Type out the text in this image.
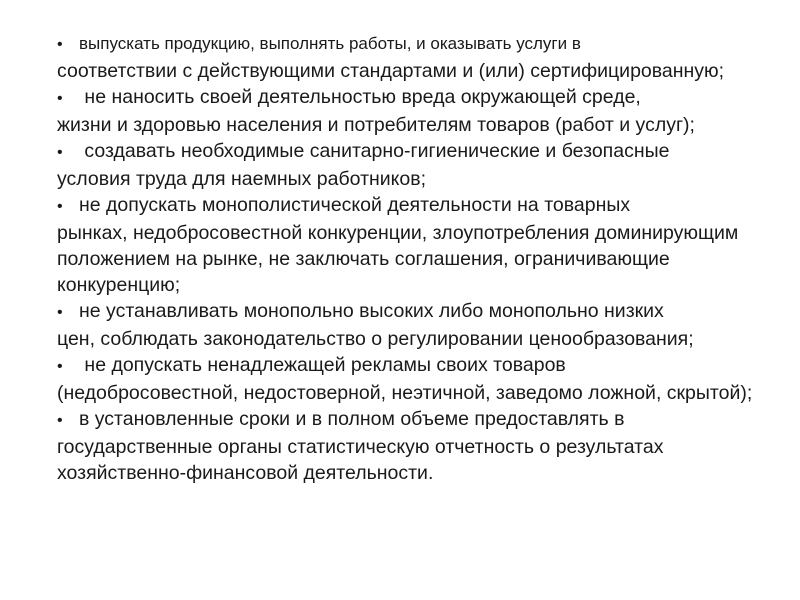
• выпускать продукцию, выполнять работы, и оказывать услуги в
соответствии с действующими стандартами и (или) сертифицированную;

• не наносить своей деятельностью вреда окружающей среде,
жизни и здоровью населения и потребителям товаров (работ и услуг);

• создавать необходимые санитарно-гигиенические и безопасные
условия труда для наемных работников;

• не допускать монополистической деятельности на товарных
рынках, недобросовестной конкуренции, злоупотребления доминирующим положением на рынке, не заключать соглашения, ограничивающие конкуренцию;

• не устанавливать монопольно высоких либо монопольно низких
цен, соблюдать законодательство о регулировании ценообразования;

• не допускать ненадлежащей рекламы своих товаров
(недобросовестной, недостоверной, неэтичной, заведомо ложной, скрытой);

• в установленные сроки и в полном объеме предоставлять в
государственные органы статистическую отчетность о результатах хозяйственно-финансовой деятельности.
